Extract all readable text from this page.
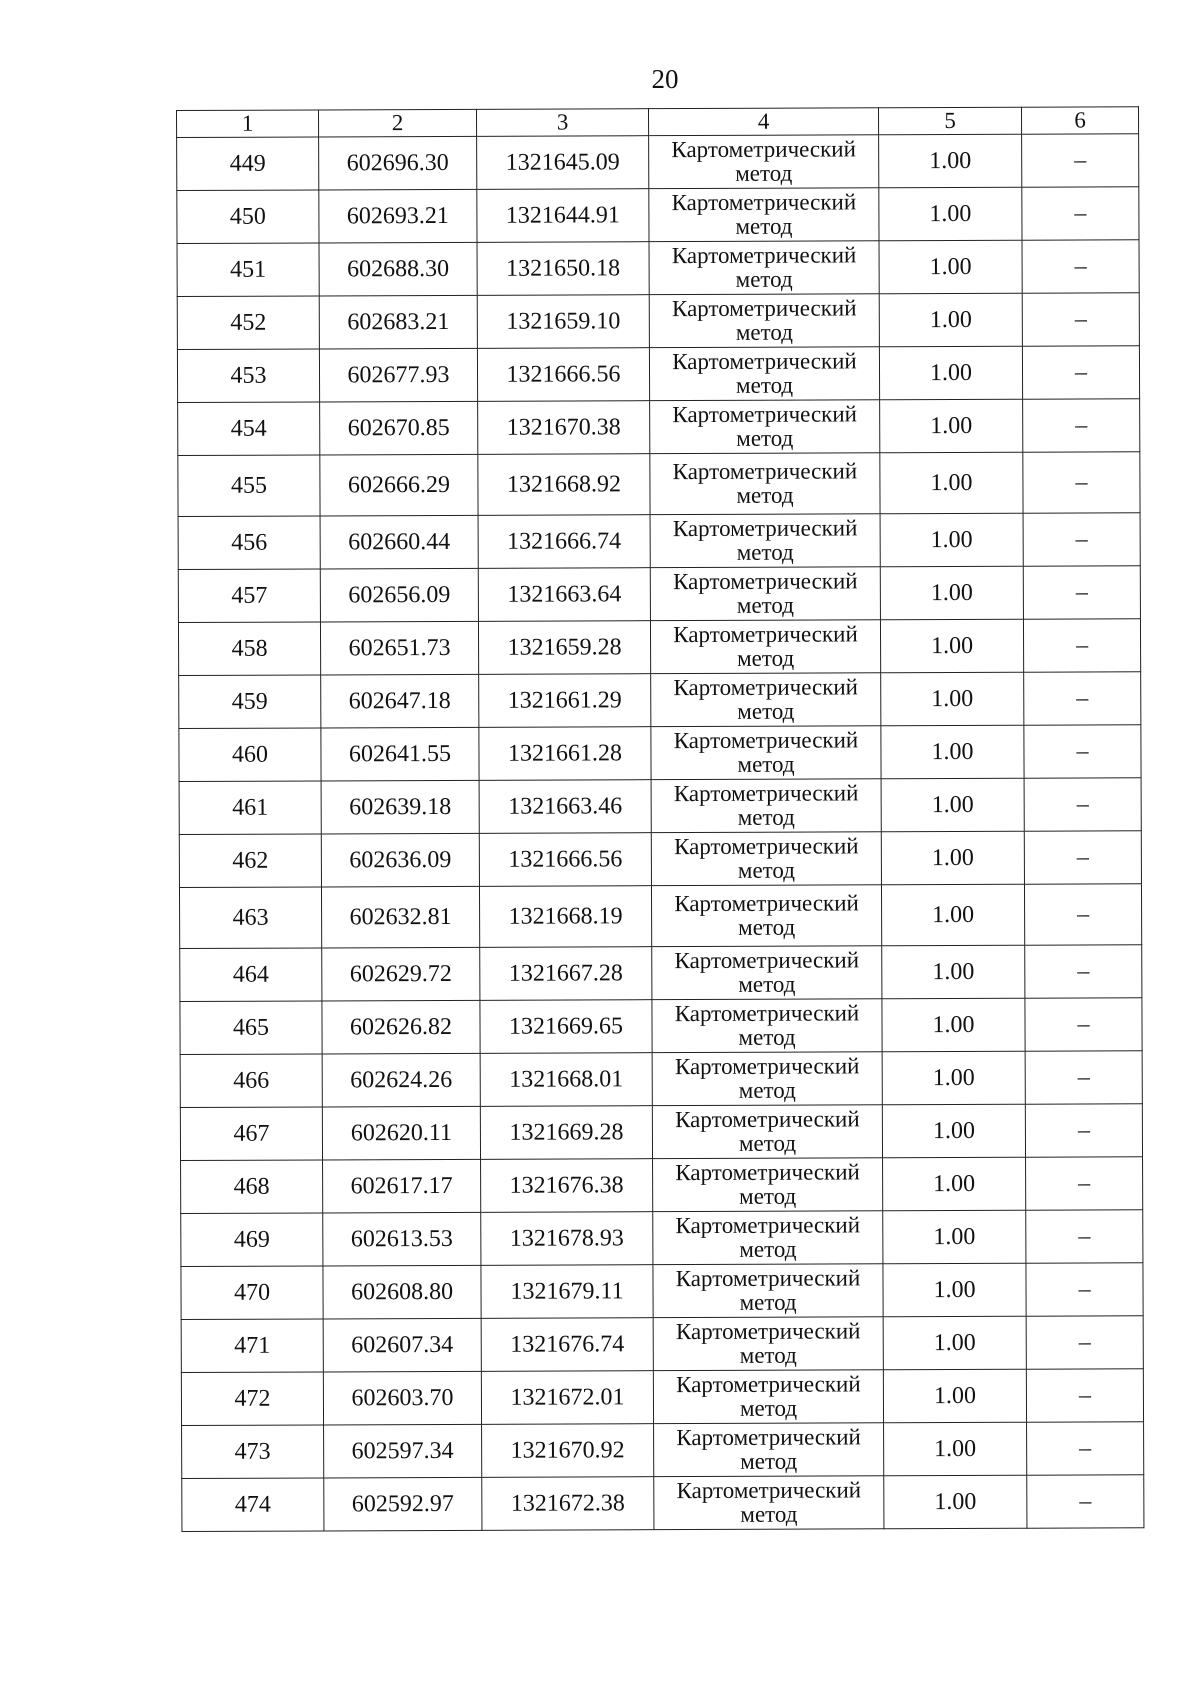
20
1	2	3	4	5	6
449	602696.30	1321645.09	Картометрический метод	1.00	–
450	602693.21	1321644.91	Картометрический метод	1.00	–
451	602688.30	1321650.18	Картометрический метод	1.00	–
452	602683.21	1321659.10	Картометрический метод	1.00	–
453	602677.93	1321666.56	Картометрический метод	1.00	–
454	602670.85	1321670.38	Картометрический метод	1.00	–
455	602666.29	1321668.92	Картометрический метод	1.00	–
456	602660.44	1321666.74	Картометрический метод	1.00	–
457	602656.09	1321663.64	Картометрический метод	1.00	–
458	602651.73	1321659.28	Картометрический метод	1.00	–
459	602647.18	1321661.29	Картометрический метод	1.00	–
460	602641.55	1321661.28	Картометрический метод	1.00	–
461	602639.18	1321663.46	Картометрический метод	1.00	–
462	602636.09	1321666.56	Картометрический метод	1.00	–
463	602632.81	1321668.19	Картометрический метод	1.00	–
464	602629.72	1321667.28	Картометрический метод	1.00	–
465	602626.82	1321669.65	Картометрический метод	1.00	–
466	602624.26	1321668.01	Картометрический метод	1.00	–
467	602620.11	1321669.28	Картометрический метод	1.00	–
468	602617.17	1321676.38	Картометрический метод	1.00	–
469	602613.53	1321678.93	Картометрический метод	1.00	–
470	602608.80	1321679.11	Картометрический метод	1.00	–
471	602607.34	1321676.74	Картометрический метод	1.00	–
472	602603.70	1321672.01	Картометрический метод	1.00	–
473	602597.34	1321670.92	Картометрический метод	1.00	–
474	602592.97	1321672.38	Картометрический метод	1.00	–
